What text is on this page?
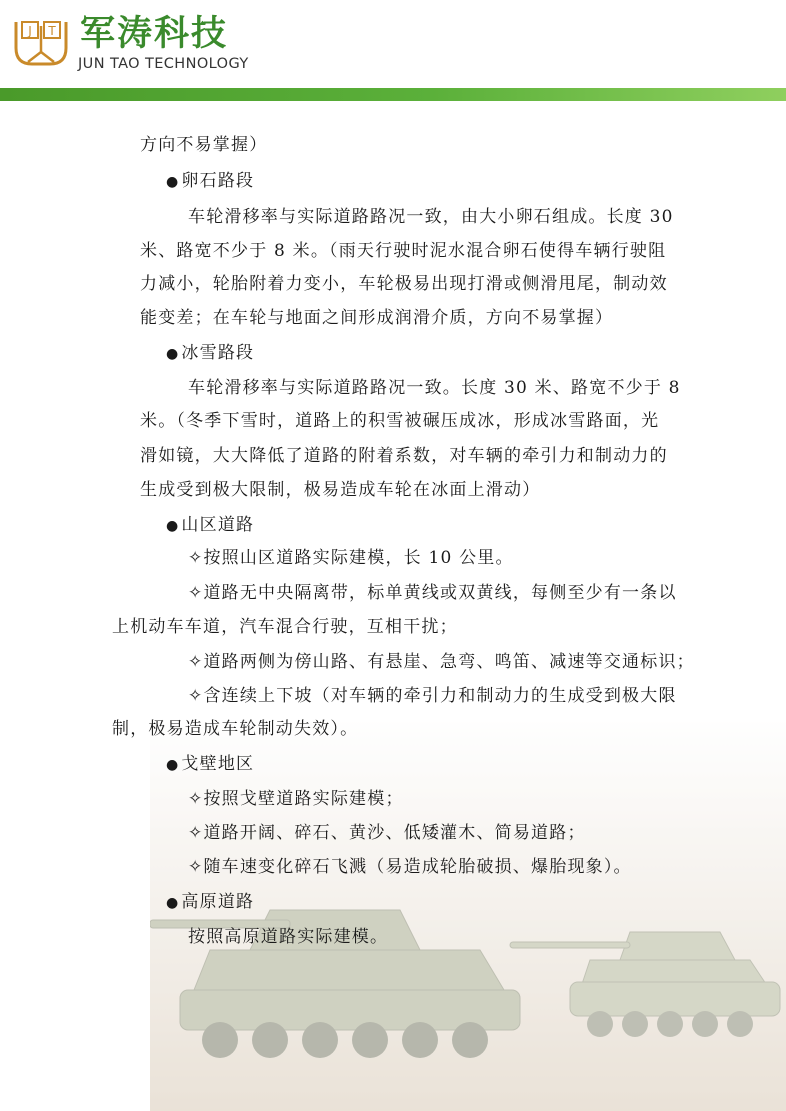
J T 军涛科技
JUN TAO TECHNOLOGY
方向不易掌握）
● 卵石路段
车轮滑移率与实际道路路况一致，由大小卵石组成。长度 30
米、路宽不少于 8 米。（雨天行驶时泥水混合卵石使得车辆行驶阻
力减小，轮胎附着力变小，车轮极易出现打滑或侧滑甩尾，制动效
能变差；在车轮与地面之间形成润滑介质，方向不易掌握）
● 冰雪路段
车轮滑移率与实际道路路况一致。长度 30 米、路宽不少于 8
米。（冬季下雪时，道路上的积雪被碾压成冰，形成冰雪路面，光
滑如镜，大大降低了道路的附着系数，对车辆的牵引力和制动力的
生成受到极大限制，极易造成车轮在冰面上滑动）
● 山区道路
✧按照山区道路实际建模，长 10 公里。
✧道路无中央隔离带，标单黄线或双黄线，每侧至少有一条以
上机动车车道，汽车混合行驶，互相干扰；
✧道路两侧为傍山路、有悬崖、急弯、鸣笛、减速等交通标识；
✧含连续上下坡（对车辆的牵引力和制动力的生成受到极大限
制，极易造成车轮制动失效）。
● 戈壁地区
✧按照戈壁道路实际建模；
✧道路开阔、碎石、黄沙、低矮灌木、简易道路；
✧随车速变化碎石飞溅（易造成轮胎破损、爆胎现象）。
● 高原道路
按照高原道路实际建模。
